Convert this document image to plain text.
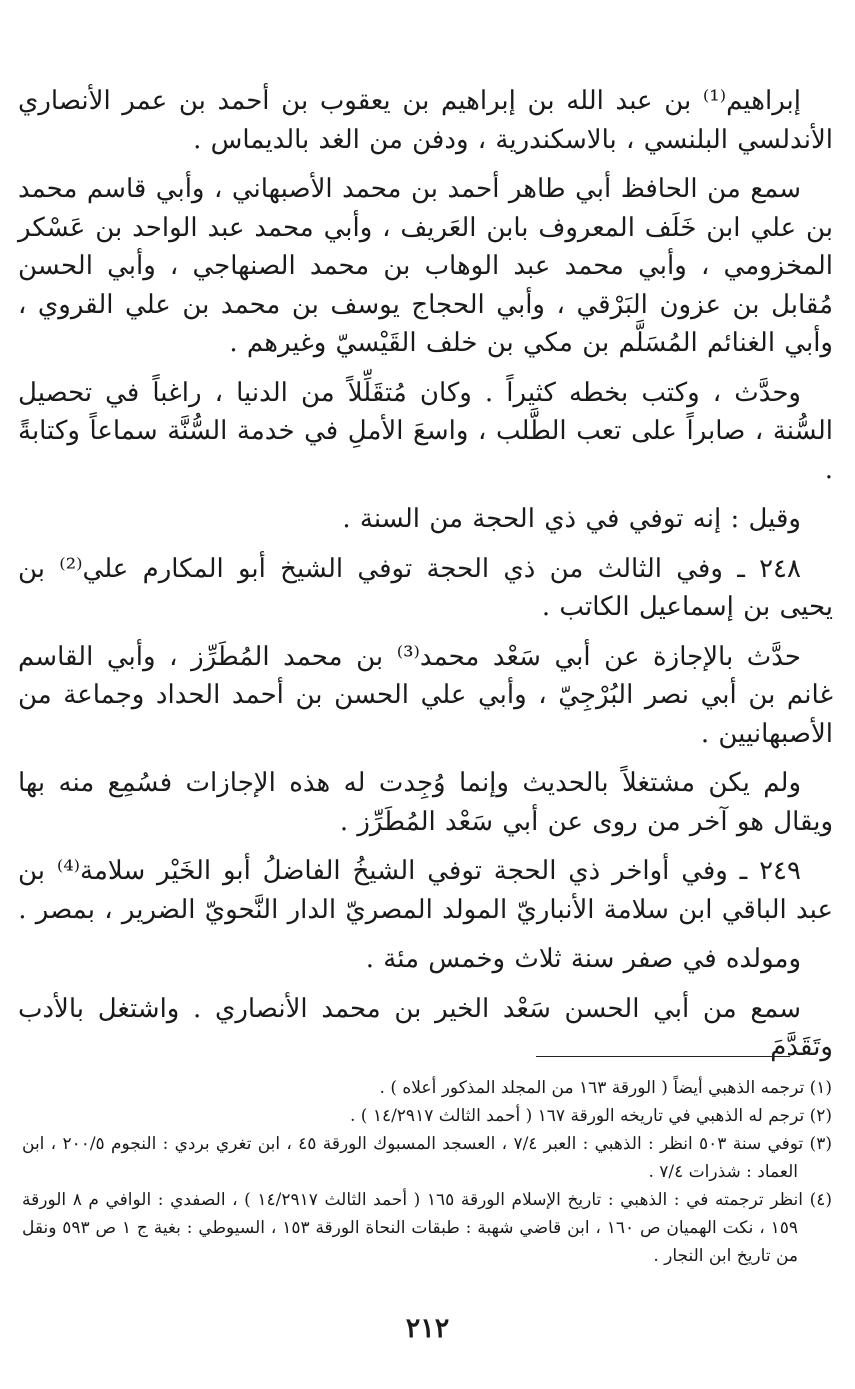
إبراهيم⁽¹⁾ بن عبد الله بن إبراهيم بن يعقوب بن أحمد بن عمر الأنصاري الأندلسي البلنسي ، بالاسكندرية ، ودفن من الغد بالديماس .

سمع من الحافظ أبي طاهر أحمد بن محمد الأصبهاني ، وأبي قاسم محمد بن علي ابن خَلَف المعروف بابن العَريف ، وأبي محمد عبد الواحد بن عَسْكر المخزومي ، وأبي محمد عبد الوهاب بن محمد الصنهاجي ، وأبي الحسن مُقابل بن عزون البَرْقي ، وأبي الحجاج يوسف بن محمد بن علي القروي ، وأبي الغنائم المُسَلَّم بن مكي بن خلف القَيْسيّ وغيرهم .

وحدَّث ، وكتب بخطه كثيراً . وكان مُتقَلِّلاً من الدنيا ، راغباً في تحصيل السُّنة ، صابراً على تعب الطَّلب ، واسعَ الأملِ في خدمة السُّنَّة سماعاً وكتابةً .

وقيل : إنه توفي في ذي الحجة من السنة .

٢٤٨ ـ وفي الثالث من ذي الحجة توفي الشيخ أبو المكارم علي⁽²⁾ بن يحيى بن إسماعيل الكاتب .

حدَّث بالإجازة عن أبي سَعْد محمد⁽³⁾ بن محمد المُطَرِّز ، وأبي القاسم غانم بن أبي نصر البُرْجِيّ ، وأبي علي الحسن بن أحمد الحداد وجماعة من الأصبهانيين .

ولم يكن مشتغلاً بالحديث وإنما وُجِدت له هذه الإجازات فسُمِع منه بها ويقال هو آخر من روى عن أبي سَعْد المُطَرِّز .

٢٤٩ ـ وفي أواخر ذي الحجة توفي الشيخُ الفاضلُ أبو الخَيْر سلامة⁽⁴⁾ بن عبد الباقي ابن سلامة الأنباريّ المولد المصريّ الدار النَّحويّ الضرير ، بمصر .

ومولده في صفر سنة ثلاث وخمس مئة .

سمع من أبي الحسن سَعْد الخير بن محمد الأنصاري . واشتغل بالأدب وتَقَدَّمَ

(١) ترجمه الذهبي أيضاً ( الورقة ١٦٣ من المجلد المذكور أعلاه ) .

(٢) ترجم له الذهبي في تاريخه الورقة ١٦٧ ( أحمد الثالث ١٤/٢٩١٧ ) .

(٣) توفي سنة ٥٠٣ انظر : الذهبي : العبر ٧/٤ ، العسجد المسبوك الورقة ٤٥ ، ابن تغري بردي : النجوم ٢٠٠/٥ ، ابن العماد : شذرات ٧/٤ .

(٤) انظر ترجمته في : الذهبي : تاريخ الإسلام الورقة ١٦٥ ( أحمد الثالث ١٤/٢٩١٧ ) ، الصفدي : الوافي م ٨ الورقة ١٥٩ ، نكت الهميان ص ١٦٠ ، ابن قاضي شهبة : طبقات النحاة الورقة ١٥٣ ، السيوطي : بغية ج ١ ص ٥٩٣ ونقل من تاريخ ابن النجار .

٢١٢
